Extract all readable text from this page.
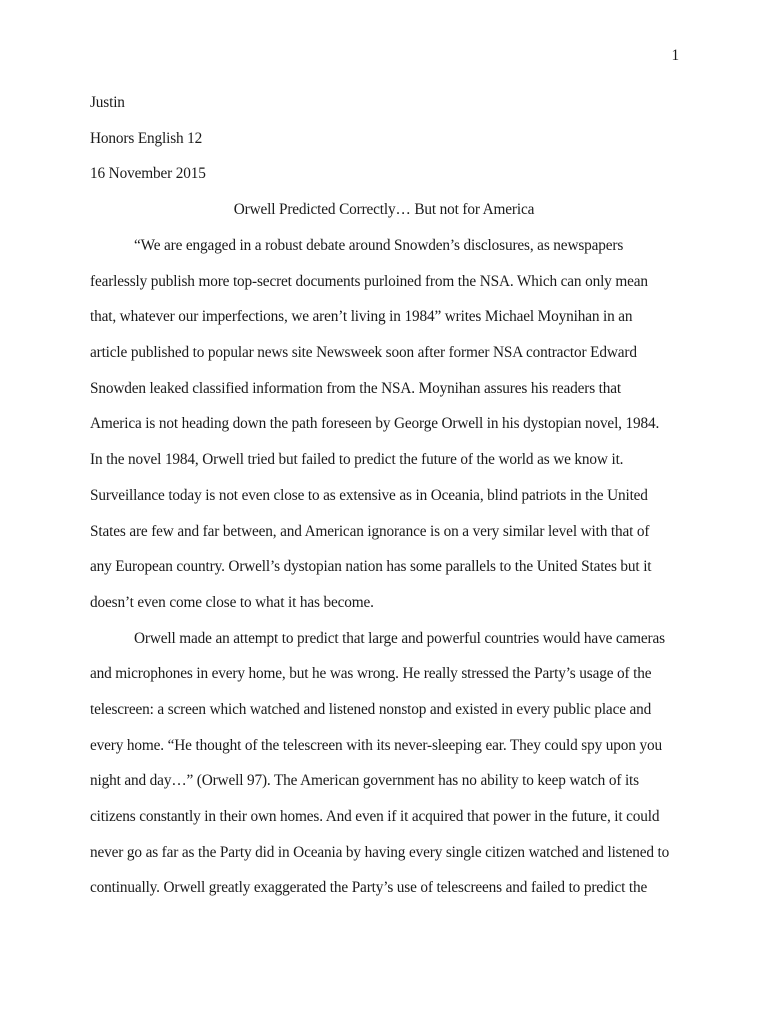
1
Justin
Honors English 12
16 November 2015
Orwell Predicted Correctly… But not for America
“We are engaged in a robust debate around Snowden’s disclosures, as newspapers
fearlessly publish more top-secret documents purloined from the NSA. Which can only mean
that, whatever our imperfections, we aren’t living in 1984” writes Michael Moynihan in an
article published to popular news site Newsweek soon after former NSA contractor Edward
Snowden leaked classified information from the NSA. Moynihan assures his readers that
America is not heading down the path foreseen by George Orwell in his dystopian novel, 1984.
In the novel 1984, Orwell tried but failed to predict the future of the world as we know it.
Surveillance today is not even close to as extensive as in Oceania, blind patriots in the United
States are few and far between, and American ignorance is on a very similar level with that of
any European country. Orwell’s dystopian nation has some parallels to the United States but it
doesn’t even come close to what it has become.
Orwell made an attempt to predict that large and powerful countries would have cameras
and microphones in every home, but he was wrong. He really stressed the Party’s usage of the
telescreen: a screen which watched and listened nonstop and existed in every public place and
every home. “He thought of the telescreen with its never-sleeping ear. They could spy upon you
night and day…” (Orwell 97). The American government has no ability to keep watch of its
citizens constantly in their own homes. And even if it acquired that power in the future, it could
never go as far as the Party did in Oceania by having every single citizen watched and listened to
continually. Orwell greatly exaggerated the Party’s use of telescreens and failed to predict the
